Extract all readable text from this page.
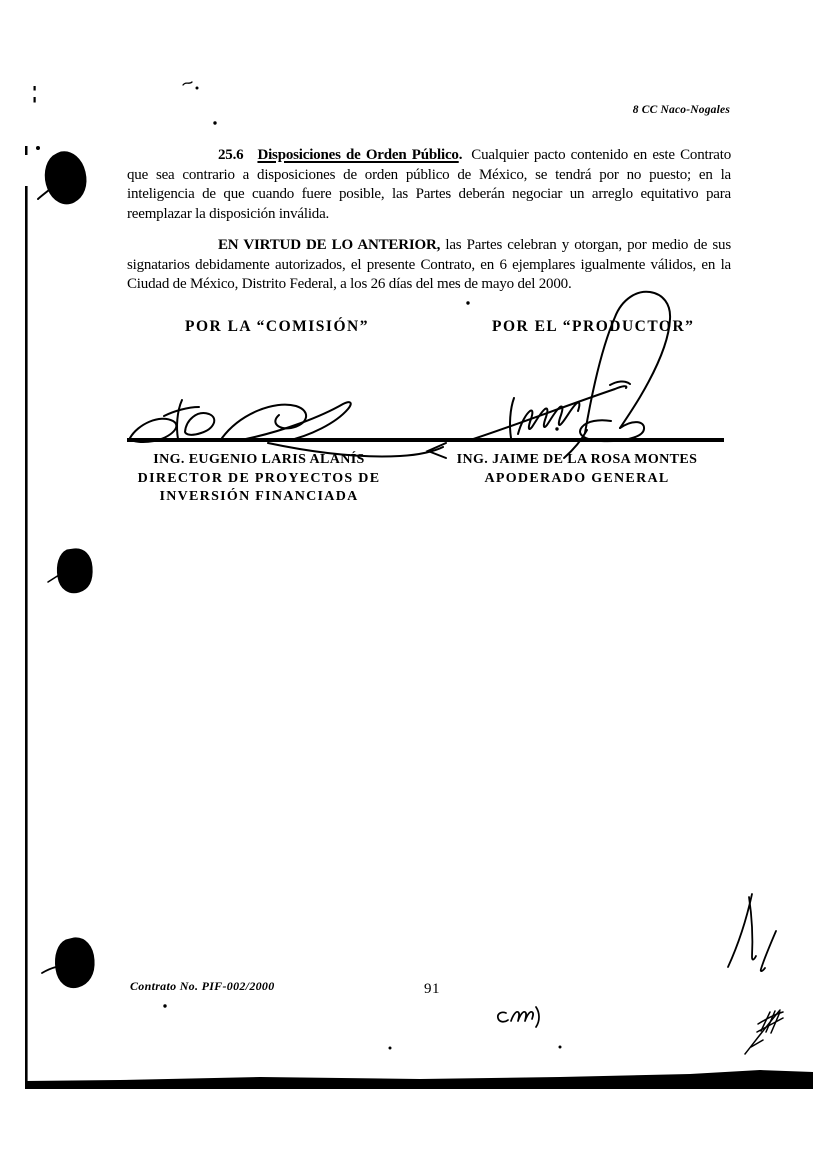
8 CC Naco-Nogales

25.6 Disposiciones de Orden Público. Cualquier pacto contenido en este Contrato que sea contrario a disposiciones de orden público de México, se tendrá por no puesto; en la inteligencia de que cuando fuere posible, las Partes deberán negociar un arreglo equitativo para reemplazar la disposición inválida.

EN VIRTUD DE LO ANTERIOR, las Partes celebran y otorgan, por medio de sus signatarios debidamente autorizados, el presente Contrato, en 6 ejemplares igualmente válidos, en la Ciudad de México, Distrito Federal, a los 26 días del mes de mayo del 2000.

POR LA “COMISIÓN”	POR EL “PRODUCTOR”
ING. EUGENIO LARIS ALANÍS
DIRECTOR DE PROYECTOS DE
INVERSIÓN FINANCIADA
ING. JAIME DE LA ROSA MONTES
APODERADO GENERAL
Contrato No. PIF-002/2000	91
